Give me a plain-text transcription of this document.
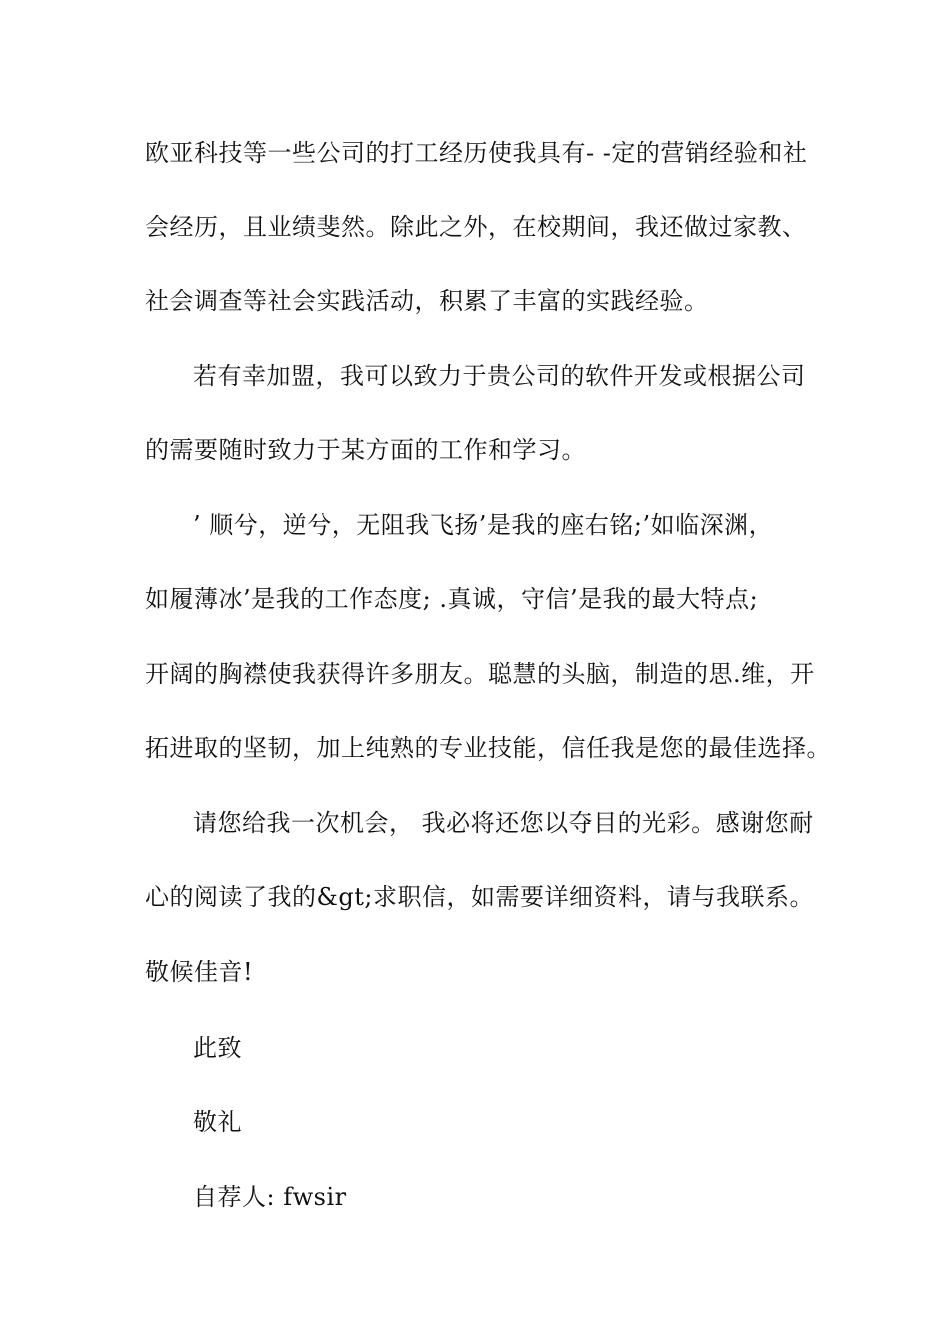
欧亚科技等一些公司的打工经历使我具有- -定的营销经验和社
会经历，且业绩斐然。除此之外，在校期间，我还做过家教、
社会调查等社会实践活动，积累了丰富的实践经验。
若有幸加盟，我可以致力于贵公司的软件开发或根据公司
的需要随时致力于某方面的工作和学习。
’ 顺兮，逆兮，无阻我飞扬’是我的座右铭;’如临深渊，
如履薄冰’是我的工作态度; .真诚，守信’是我的最大特点;
开阔的胸襟使我获得许多朋友。聪慧的头脑，制造的思.维，开
拓进取的坚韧，加上纯熟的专业技能，信任我是您的最佳选择。
请您给我一次机会， 我必将还您以夺目的光彩。感谢您耐
心的阅读了我的&gt;求职信，如需要详细资料，请与我联系。
敬候佳音!
此致
敬礼
自荐人: fwsir
